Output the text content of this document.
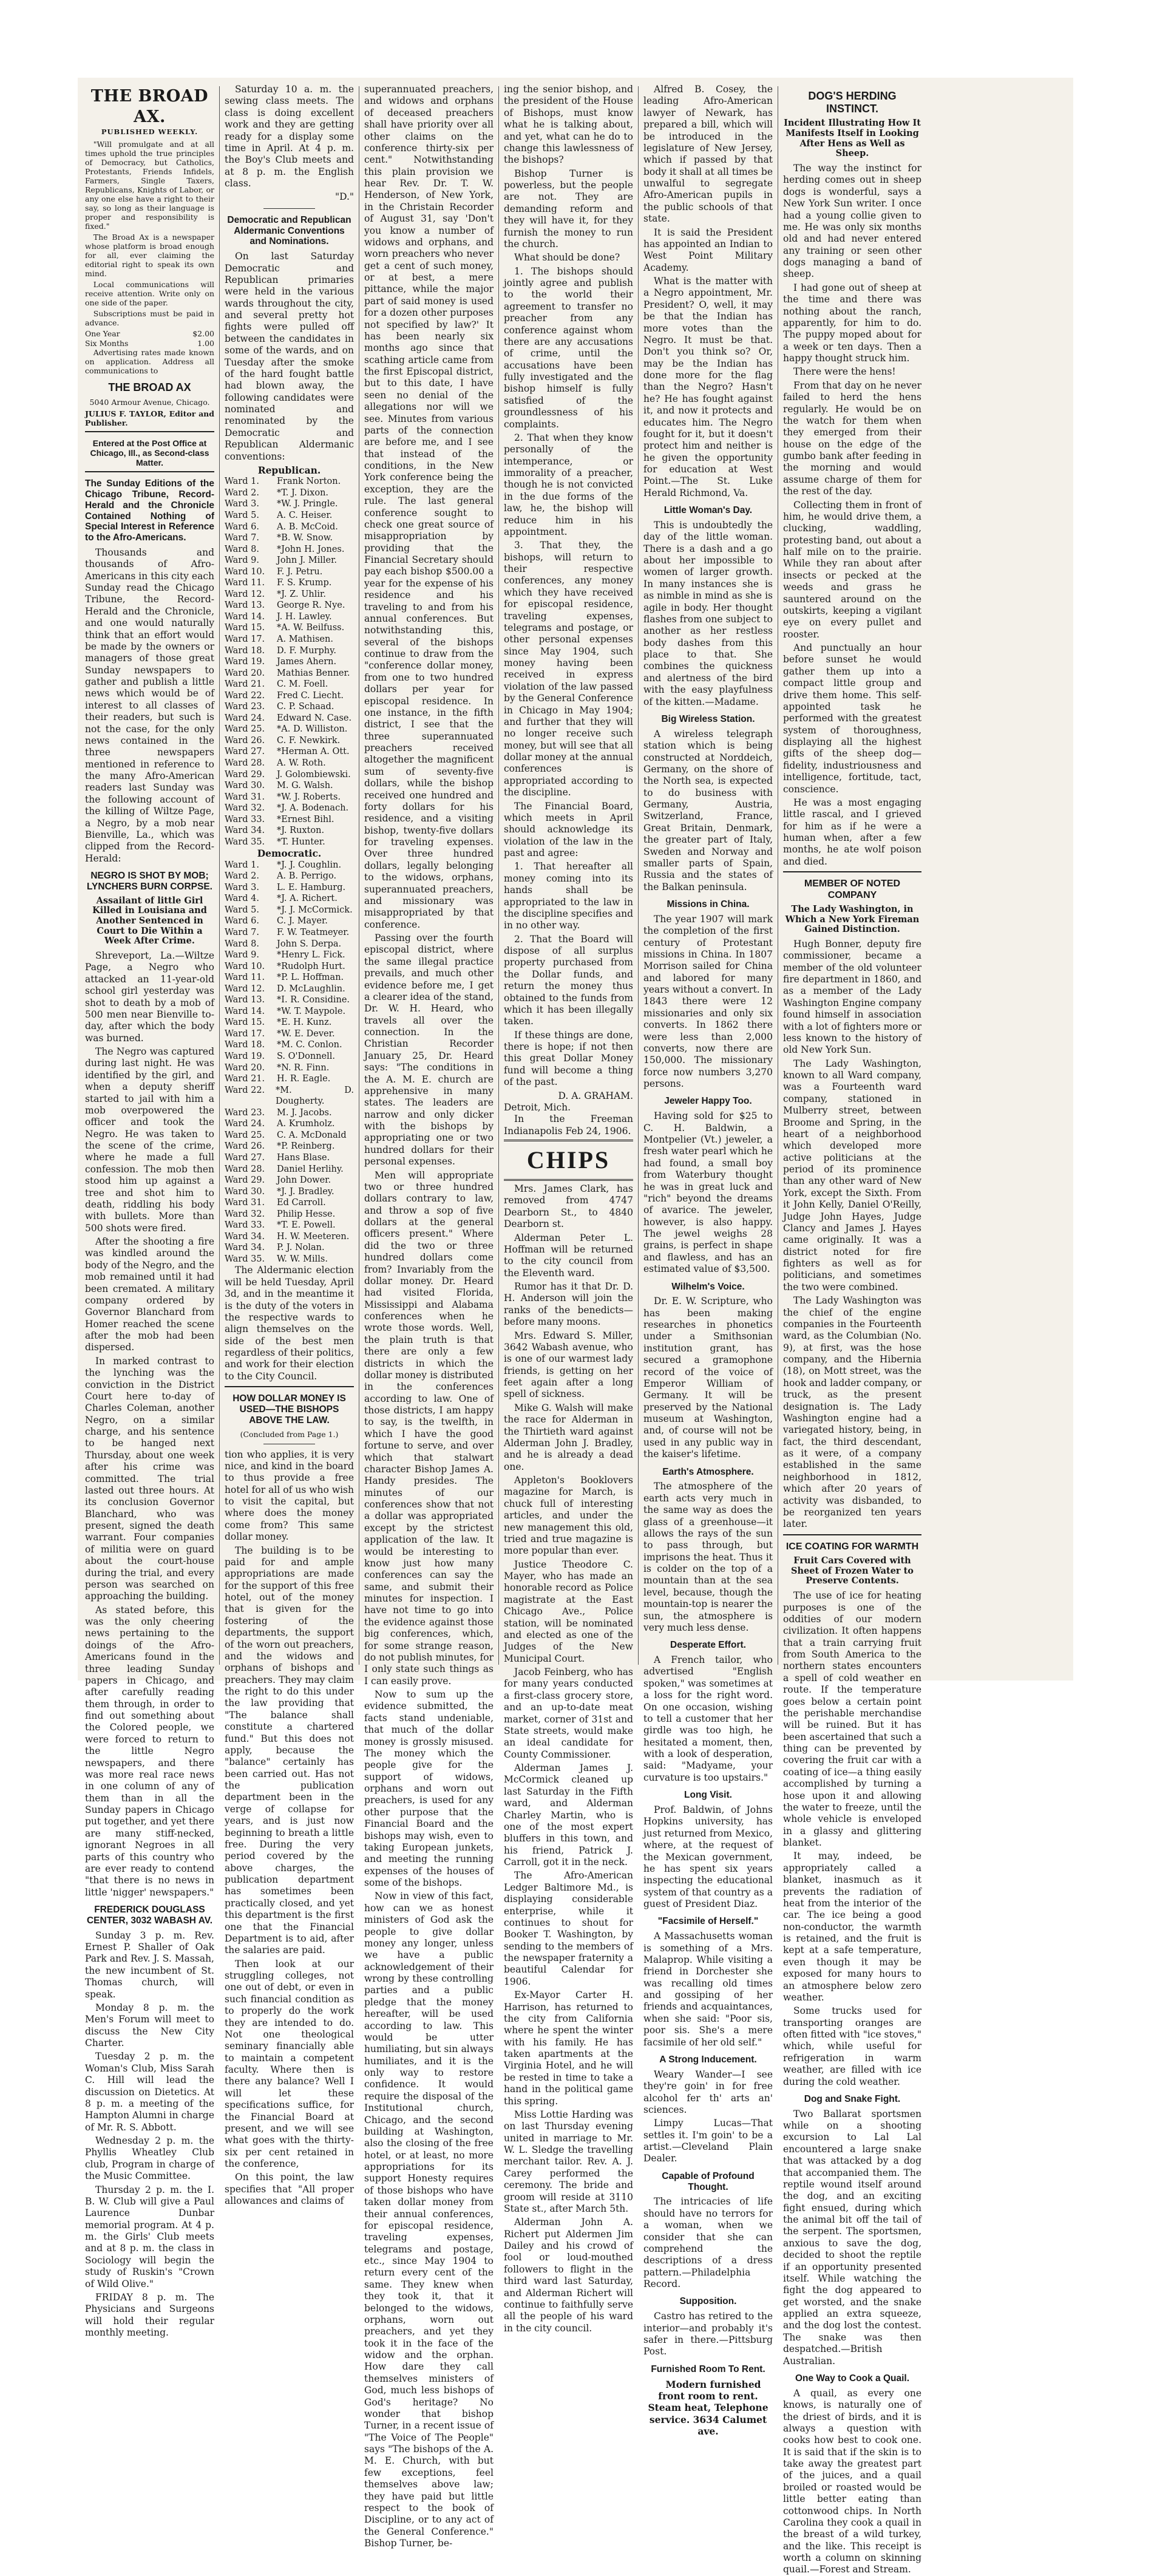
THE BROAD AX.
PUBLISHED WEEKLY.

"Will promulgate and at all times uphold the true principles of Democracy, but Catholics, Protestants, Friends Infidels, Farmers, Single Taxers, Republicans, Knights of Labor, or any one else have a right to their say, so long as their language is proper and responsibility is fixed."

The Broad Ax is a newspaper whose platform is broad enough for all, ever claiming the editorial right to speak its own mind.

Local communications will receive attention. Write only on one side of the paper.

Subscriptions must be paid in advance.

One Year	$2.00
Six Months	1.00

Advertising rates made known on application. Address all communications to

THE BROAD AX
5040 Armour Avenue, Chicago.
JULIUS F. TAYLOR, Editor and Publisher.
Entered at the Post Office at Chicago, Ill., as Second-class Matter.
The Sunday Editions of the Chicago Tribune, Record-Herald and the Chronicle Contained Nothing of Special Interest in Reference to the Afro-Americans.

Thousands and thousands of Afro-Americans in this city each Sunday read the Chicago Tribune, the Record-Herald and the Chronicle, and one would naturally think that an effort would be made by the owners or managers of those great Sunday newspapers to gather and publish a little news which would be of interest to all classes of their readers, but such is not the case, for the only news contained in the three newspapers mentioned in reference to the many Afro-American readers last Sunday was the following account of the killing of Wiltze Page, a Negro, by a mob near Bienville, La., which was clipped from the Record-Herald:

NEGRO IS SHOT BY MOB; LYNCHERS BURN CORPSE.
Assailant of little Girl Killed in Louisiana and Another Sentenced in Court to Die Within a Week After Crime.

Shreveport, La.—Wiltze Page, a Negro who attacked an 11-year-old school girl yesterday was shot to death by a mob of 500 men near Bienville to-day, after which the body was burned.

The Negro was captured during last night. He was identified by the girl, and when a deputy sheriff started to jail with him a mob overpowered the officer and took the Negro. He was taken to the scene of the crime, where he made a full confession. The mob then stood him up against a tree and shot him to death, riddling his body with bullets. More than 500 shots were fired.

After the shooting a fire was kindled around the body of the Negro, and the mob remained until it had been cremated. A military company ordered by Governor Blanchard from Homer reached the scene after the mob had been dispersed.

In marked contrast to the lynching was the conviction in the District Court here to-day of Charles Coleman, another Negro, on a similar charge, and his sentence to be hanged next Thursday, about one week after his crime was committed. The trial lasted out three hours. At its conclusion Governor Blanchard, who was present, signed the death warrant. Four companies of militia were on guard about the court-house during the trial, and every person was searched on approaching the building.

As stated before, this was the only cheering news pertaining to the doings of the Afro-Americans found in the three leading Sunday papers in Chicago, and after carefully reading them through, in order to find out something about the Colored people, we were forced to return to the little Negro newspapers, and there was more real race news in one column of any of them than in all the Sunday papers in Chicago put together, and yet there are many stiff-necked, ignorant Negroes in all parts of this country who are ever ready to contend "that there is no news in little 'nigger' newspapers."

FREDERICK DOUGLASS CENTER, 3032 WABASH AV.

Sunday 3 p. m. Rev. Ernest P. Shaller of Oak Park and Rev. J. S. Massah, the new incumbent of St. Thomas church, will speak.

Monday 8 p. m. the Men's Forum will meet to discuss the New City Charter.

Tuesday 2 p. m. the Woman's Club, Miss Sarah C. Hill will lead the discussion on Dietetics. At 8 p. m. a meeting of the Hampton Alumni in charge of Mr. R. S. Abbott.

Wednesday 2 p. m. the Phyllis Wheatley Club club, Program in charge of the Music Committee.

Thursday 2 p. m. the I. B. W. Club will give a Paul Laurence Dunbar memorial program. At 4 p. m. the Girls' Club meets and at 8 p. m. the class in Sociology will begin the study of Ruskin's "Crown of Wild Olive."

FRIDAY 8 p. m. The Physicians and Surgeons will hold their regular monthly meeting.

Saturday 10 a. m. the sewing class meets. The class is doing excellent work and they are getting ready for a display some time in April. At 4 p. m. the Boy's Club meets and at 8 p. m. the English class.

"D."
Democratic and Republican Aldermanic Conventions and Nominations.

On last Saturday Democratic and Republican primaries were held in the various wards throughout the city, and several pretty hot fights were pulled off between the candidates in some of the wards, and on Tuesday after the smoke of the hard fought battle had blown away, the following candidates were nominated and renominated by the Democratic and Republican Aldermanic conventions:

Republican.
Ward 1.	Frank Norton.
Ward 2.	*T. J. Dixon.
Ward 3.	*W. J. Pringle.
Ward 5.	A. C. Heiser.
Ward 6.	A. B. McCoid.
Ward 7.	*B. W. Snow.
Ward 8.	*John H. Jones.
Ward 9.	John J. Miller.
Ward 10.	F. J. Petru.
Ward 11.	F. S. Krump.
Ward 12.	*J. Z. Uhlir.
Ward 13.	George R. Nye.
Ward 14.	J. H. Lawley.
Ward 15.	*A. W. Beilfuss.
Ward 17.	A. Mathisen.
Ward 18.	D. F. Murphy.
Ward 19.	James Ahern.
Ward 20.	Mathias Benner.
Ward 21.	C. M. Foell.
Ward 22.	Fred C. Liecht.
Ward 23.	C. P. Schaad.
Ward 24.	Edward N. Case.
Ward 25.	*A. D. Williston.
Ward 26.	C. F. Newkirk.
Ward 27.	*Herman A. Ott.
Ward 28.	A. W. Roth.
Ward 29.	J. Golombiewski.
Ward 30.	M. G. Walsh.
Ward 31.	*W. J. Roberts.
Ward 32.	*J. A. Bodenach.
Ward 33.	*Ernest Bihl.
Ward 34.	*J. Ruxton.
Ward 35.	*T. Hunter.
Democratic.
Ward 1.	*J. J. Coughlin.
Ward 2.	A. B. Perrigo.
Ward 3.	L. E. Hamburg.
Ward 4.	*J. A. Richert.
Ward 5.	*J. J. McCormick.
Ward 6.	C. J. Mayer.
Ward 7.	F. W. Teatmeyer.
Ward 8.	John S. Derpa.
Ward 9.	*Henry L. Fick.
Ward 10.	*Rudolph Hurt.
Ward 11.	*P. L. Hoffman.
Ward 12.	D. McLaughlin.
Ward 13.	*I. R. Considine.
Ward 14.	*W. T. Maypole.
Ward 15.	*E. H. Kunz.
Ward 17.	*W. E. Dever.
Ward 18.	*M. C. Conlon.
Ward 19.	S. O'Donnell.
Ward 20.	*N. R. Finn.
Ward 21.	H. R. Eagle.
Ward 22.	*M. D. Dougherty.
Ward 23.	M. J. Jacobs.
Ward 24.	A. Krumholz.
Ward 25.	C. A. McDonald
Ward 26.	*P. Reinberg.
Ward 27.	Hans Blase.
Ward 28.	Daniel Herlihy.
Ward 29.	John Dower.
Ward 30.	*J. J. Bradley.
Ward 31.	Ed Carroll.
Ward 32.	Philip Hesse.
Ward 33.	*T. E. Powell.
Ward 34.	H. W. Meeteren.
Ward 34.	P. J. Nolan.
Ward 35.	W. W. Mills.

The Aldermanic election will be held Tuesday, April 3d, and in the meantime it is the duty of the voters in the respective wards to align themselves on the side of the best men regardless of their politics, and work for their election to the City Council.

HOW DOLLAR MONEY IS USED—THE BISHOPS ABOVE THE LAW.
(Concluded from Page 1.)

tion who applies, it is very nice, and kind in the board to thus provide a free hotel for all of us who wish to visit the capital, but where does the money come from? This same dollar money.

The building is to be paid for and ample appropriations are made for the support of this free hotel, out of the money that is given for the fostering of the departments, the support of the worn out preachers, and the widows and orphans of bishops and preachers. They may claim the right to do this under the law providing that "The balance shall constitute a chartered fund." But this does not apply, because the "balance" certainly has been carried out. Has not the publication department been in the verge of collapse for years, and is just now beginning to breath a little free. During the very period covered by the above charges, the publication department has sometimes been practically closed, and yet this department is the first one that the Financial Department is to aid, after the salaries are paid.

Then look at our struggling colleges, not one out of debt, or even in such financial condition as to properly do the work they are intended to do. Not one theological seminary financially able to maintain a competent faculty. Where then is there any balance? Well I will let these specifications suffice, for the Financial Board at present, and we will see what goes with the thirty-six per cent retained in the conference,

On this point, the law specifies that "All proper allowances and claims of

superannuated preachers, and widows and orphans of deceased preachers shall have priority over all other claims on the conference thirty-six per cent." Notwithstanding this plain provision we hear Rev. Dr. T. W. Henderson, of New York, in the Christain Recorder of August 31, say 'Don't you know a number of widows and orphans, and worn preachers who never get a cent of such money, or at best, a mere pittance, while the major part of said money is used for a dozen other purposes not specified by law?' It has been nearly six months ago since that scathing article came from the first Episcopal district, but to this date, I have seen no denial of the allegations nor will we see. Minutes from various parts of the connection are before me, and I see that instead of the conditions, in the New York conference being the exception, they are the rule. The last general conference sought to check one great source of misappropriation by providing that the Financial Secretary should pay each bishop $500.00 a year for the expense of his residence and his traveling to and from his annual conferences. But notwithstanding this, several of the bishops continue to draw from the "conference dollar money, from one to two hundred dollars per year for episcopal residence. In one instance, in the fifth district, I see that the three superannuated preachers received altogether the magnificent sum of seventy-five dollars, while the bishop received one hundred and forty dollars for his residence, and a visiting bishop, twenty-five dollars for traveling expenses. Over three hundred dollars, legally belonging to the widows, orphans, superannuated preachers, and missionary was misappropriated by that conference.

Passing over the fourth episcopal district, where the same illegal practice prevails, and much other evidence before me, I get a clearer idea of the stand, Dr. W. H. Heard, who travels all over the connection. In the Christian Recorder January 25, Dr. Heard says: "The conditions in the A. M. E. church are apprehensive in many states. The leaders are narrow and only dicker with the bishops by appropriating one or two hundred dollars for their personal expenses.

Men will appropriate two or three hundred dollars contrary to law, and throw a sop of five dollars at the general officers present." Where did the two or three hundred dollars come from? Invariably from the dollar money. Dr. Heard had visited Florida, Mississippi and Alabama conferences when he wrote those words. Well, the plain truth is that there are only a few districts in which the dollar money is distributed in the conferences according to law. One of those districts, I am happy to say, is the twelfth, in which I have the good fortune to serve, and over which that stalwart character Bishop James A. Handy presides. The minutes of our conferences show that not a dollar was appropriated except by the strictest application of the law. It would be interesting to know just how many conferences can say the same, and submit their minutes for inspection. I have not time to go into the evidence against those big conferences, which, for some strange reason, do not publish minutes, for I only state such things as I can easily prove.

Now to sum up the evidence submitted, the facts stand undeniable, that much of the dollar money is grossly misused. The money which the people give for the support of widows, orphans and worn out preachers, is used for any other purpose that the Financial Board and the bishops may wish, even to taking European junkets, and meeting the running expenses of the houses of some of the bishops.

Now in view of this fact, how can we as honest ministers of God ask the people to give dollar money any longer, unless we have a public acknowledgement of their wrong by these controlling parties and a public pledge that the money hereafter, will be used according to law. This would be utter humiliating, but sin always humiliates, and it is the only way to restore confidence. It would require the disposal of the Institutional church, Chicago, and the second building at Washington, also the closing of the free hotel, or at least, no more appropriations for its support Honesty requires of those bishops who have taken dollar money from their annual conferences, for episcopal residence, traveling expenses, telegrams and postage, etc., since May 1904 to return every cent of the same. They knew when they took it, that it belonged to the widows, orphans, worn out preachers, and yet they took it in the face of the widow and the orphan. How dare they call themselves ministers of God, much less bishops of God's heritage? No wonder that bishop Turner, in a recent issue of "The Voice of The People" says "The bishops of the A. M. E. Church, with but few exceptions, feel themselves above law; they have paid but little respect to the book of Discipline, or to any act of the General Conference." Bishop Turner, be-

ing the senior bishop, and the president of the House of Bishops, must know what he is talking about, and yet, what can he do to change this lawlessness of the bishops?

Bishop Turner is powerless, but the people are not. They are demanding reform and they will have it, for they furnish the money to run the church.

What should be done?

1. The bishops should jointly agree and publish to the world their agreement to transfer no preacher from any conference against whom there are any accusations of crime, until the accusations have been fully investigated and the bishop himself is fully satisfied of the groundlessness of his complaints.

2. That when they know personally of the intemperance, or immorality of a preacher, though he is not convicted in the due forms of the law, he, the bishop will reduce him in his appointment.

3. That they, the bishops, will return to their respective conferences, any money which they have received for episcopal residence, traveling expenses, telegrams and postage, or other personal expenses since May 1904, such money having been received in express violation of the law passed by the General Conference in Chicago in May 1904; and further that they will no longer receive such money, but will see that all dollar money at the annual conferences is appropriated according to the discipline.

The Financial Board, which meets in April should acknowledge its violation of the law in the past and agree:

1. That hereafter all money coming into its hands shall be appropriated to the law in the discipline specifies and in no other way.

2. That the Board will dispose of all surplus property purchased from the Dollar funds, and return the money thus obtained to the funds from which it has been illegally taken.

If these things are done, there is hope; if not then this great Dollar Money fund will become a thing of the past.

D. A. GRAHAM.
Detroit, Mich.

In the Freeman Indianapolis Feb 24, 1906.

CHIPS

Mrs. James Clark, has removed from 4747 Dearborn St., to 4840 Dearborn st.

Alderman Peter L. Hoffman will be returned to the city council from the Eleventh ward.

Rumor has it that Dr. D. H. Anderson will join the ranks of the benedicts—before many moons.

Mrs. Edward S. Miller, 3642 Wabash avenue, who is one of our warmest lady friends, is getting on her feet again after a long spell of sickness.

Mike G. Walsh will make the race for Alderman in the Thirtieth ward against Alderman John J. Bradley, and he is already a dead one.

Appleton's Booklovers magazine for March, is chuck full of interesting articles, and under the new management this old, tried and true magazine is more popular than ever.

Justice Theodore C. Mayer, who has made an honorable record as Police magistrate at the East Chicago Ave., Police station, will be nominated and elected as one of the Judges of the New Municipal Court.

Jacob Feinberg, who has for many years conducted a first-class grocery store, and an up-to-date meat market, corner of 31st and State streets, would make an ideal candidate for County Commissioner.

Alderman James J. McCormick cleaned up last Saturday in the Fifth ward, and Alderman Charley Martin, who is one of the most expert bluffers in this town, and his friend, Patrick J. Carroll, got it in the neck.

The Afro-American Ledger Baltimore Md., is displaying considerable enterprise, while it continues to shout for Booker T. Washington, by sending to the members of the newspaper fraternity a beautiful Calendar for 1906.

Ex-Mayor Carter H. Harrison, has returned to the city from California where he spent the winter with his family. He has taken apartments at the Virginia Hotel, and he will be rested in time to take a hand in the political game this spring.

Miss Lottie Harding was on last Thursday evening united in marriage to Mr. W. L. Sledge the travelling merchant tailor. Rev. A. J. Carey performed the ceremony. The bride and groom will reside at 3110 State st., after March 5th.

Alderman John A. Richert put Aldermen Jim Dailey and his crowd of fool or loud-mouthed followers to flight in the third ward last Saturday, and Alderman Richert will continue to faithfully serve all the people of his ward in the city council.

Alfred B. Cosey, the leading Afro-American lawyer of Newark, has prepared a bill, which will be introduced in the legislature of New Jersey, which if passed by that body it shall at all times be unwalful to segregate Afro-American pupils in the public schools of that state.

It is said the President has appointed an Indian to West Point Military Academy.

What is the matter with a Negro appointment, Mr. President? O, well, it may be that the Indian has more votes than the Negro. It must be that. Don't you think so? Or, may be the Indian has done more for the flag than the Negro? Hasn't he? He has fought against it, and now it protects and educates him. The Negro fought for it, but it doesn't protect him and neither is he given the opportunity for education at West Point.—The St. Luke Herald Richmond, Va.

Little Woman's Day.

This is undoubtedly the day of the little woman. There is a dash and a go about her impossible to women of larger growth. In many instances she is as nimble in mind as she is agile in body. Her thought flashes from one subject to another as her restless body dashes from this place to that. She combines the quickness and alertness of the bird with the easy playfulness of the kitten.—Madame.

Big Wireless Station.

A wireless telegraph station which is being constructed at Norddeich, Germany, on the shore of the North sea, is expected to do business with Germany, Austria, Switzerland, France, Great Britain, Denmark, the greater part of Italy, Sweden and Norway and smaller parts of Spain, Russia and the states of the Balkan peninsula.

Missions in China.

The year 1907 will mark the completion of the first century of Protestant missions in China. In 1807 Morrison sailed for China and labored for many years without a convert. In 1843 there were 12 missionaries and only six converts. In 1862 there were less than 2,000 converts, now there are 150,000. The missionary force now numbers 3,270 persons.

Jeweler Happy Too.

Having sold for $25 to C. H. Baldwin, a Montpelier (Vt.) jeweler, a fresh water pearl which he had found, a small boy from Waterbury thought he was in great luck and "rich" beyond the dreams of avarice. The jeweler, however, is also happy. The jewel weighs 28 grains, is perfect in shape and flawless, and has an estimated value of $3,500.

Wilhelm's Voice.

Dr. E. W. Scripture, who has been making researches in phonetics under a Smithsonian institution grant, has secured a gramophone record of the voice of Emperor William of Germany. It will be preserved by the National museum at Washington, and, of course will not be used in any public way in the kaiser's lifetime.

Earth's Atmosphere.

The atmosphere of the earth acts very much in the same way as does the glass of a greenhouse—it allows the rays of the sun to pass through, but imprisons the heat. Thus it is colder on the top of a mountain than at the sea level, because, though the mountain-top is nearer the sun, the atmosphere is very much less dense.

Desperate Effort.

A French tailor, who advertised "English spoken," was sometimes at a loss for the right word. On one occasion, wishing to tell a customer that her girdle was too high, he hesitated a moment, then, with a look of desperation, said: "Madyame, your curvature is too upstairs."

Long Visit.

Prof. Baldwin, of Johns Hopkins university, has just returned from Mexico, where, at the request of the Mexican government, he has spent six years inspecting the educational system of that country as a guest of President Diaz.

"Facsimile of Herself."

A Massachusetts woman is something of a Mrs. Malaprop. While visiting a friend in Dorchester she was recalling old times and gossiping of her friends and acquaintances, when she said: "Poor sis, poor sis. She's a mere facsimile of her old self."

A Strong Inducement.

Weary Wander—I see they're goin' in for free alcohol fer th' arts an' sciences.

Limpy Lucas—That settles it. I'm goin' to be a artist.—Cleveland Plain Dealer.

Capable of Profound Thought.

The intricacies of life should have no terrors for a woman, when we consider that she can comprehend the descriptions of a dress pattern.—Philadelphia Record.

Supposition.

Castro has retired to the interior—and probably it's safer in there.—Pittsburg Post.

Furnished Room To Rent.

Modern furnished front room to rent. Steam heat, Telephone service. 3634 Calumet ave.

DOG'S HERDING INSTINCT.
Incident Illustrating How It Manifests Itself in Looking After Hens as Well as Sheep.

The way the instinct for herding comes out in sheep dogs is wonderful, says a New York Sun writer. I once had a young collie given to me. He was only six months old and had never entered any training or seen other dogs managing a band of sheep.

I had gone out of sheep at the time and there was nothing about the ranch, apparently, for him to do. The puppy moped about for a week or ten days. Then a happy thought struck him.

There were the hens!

From that day on he never failed to herd the hens regularly. He would be on the watch for them when they emerged from their house on the edge of the gumbo bank after feeding in the morning and would assume charge of them for the rest of the day.

Collecting them in front of him, he would drive them, a clucking, waddling, protesting band, out about a half mile on to the prairie. While they ran about after insects or pecked at the weeds and grass he sauntered around on the outskirts, keeping a vigilant eye on every pullet and rooster.

And punctually an hour before sunset he would gather them up into a compact little group and drive them home. This self-appointed task he performed with the greatest system of thoroughness, displaying all the highest gifts of the sheep dog—fidelity, industriousness and intelligence, fortitude, tact, conscience.

He was a most engaging little rascal, and I grieved for him as if he were a human when, after a few months, he ate wolf poison and died.

MEMBER OF NOTED COMPANY
The Lady Washington, in Which a New York Fireman Gained Distinction.

Hugh Bonner, deputy fire commissioner, became a member of the old volunteer fire department in 1860, and as a member of the Lady Washington Engine company found himself in association with a lot of fighters more or less known to the history of old New York Sun.

The Lady Washington, known to all Ward company, was a Fourteenth ward company, stationed in Mulberry street, between Broome and Spring, in the heart of a neighborhood which developed more active politicians at the period of its prominence than any other ward of New York, except the Sixth. From it John Kelly, Daniel O'Reilly, Judge John Hayes, Judge Clancy and James J. Hayes came originally. It was a district noted for fire fighters as well as for politicians, and sometimes the two were combined.

The Lady Washington was the chief of the engine companies in the Fourteenth ward, as the Columbian (No. 9), at first, was the hose company, and the Hibernia (18), on Mott street, was the hook and ladder company, or truck, as the present designation is. The Lady Washington engine had a variegated history, being, in fact, the third descendant, as it were, of a company established in the same neighborhood in 1812, which after 20 years of activity was disbanded, to be reorganized ten years later.

ICE COATING FOR WARMTH
Fruit Cars Covered with Sheet of Frozen Water to Preserve Contents.

The use of ice for heating purposes is one of the oddities of our modern civilization. It often happens that a train carrying fruit from South America to the northern states encounters a spell of cold weather en route. If the temperature goes below a certain point the perishable merchandise will be ruined. But it has been ascertained that such a thing can be prevented by covering the fruit car with a coating of ice—a thing easily accomplished by turning a hose upon it and allowing the water to freeze, until the whole vehicle is enveloped in a glassy and glittering blanket.

It may, indeed, be appropriately called a blanket, inasmuch as it prevents the radiation of heat from the interior of the car. The ice being a good non-conductor, the warmth is retained, and the fruit is kept at a safe temperature, even though it may be exposed for many hours to an atmosphere below zero weather.

Some trucks used for transporting oranges are often fitted with "ice stoves," which, while useful for refrigeration in warm weather, are filled with ice during the cold weather.

Dog and Snake Fight.

Two Ballarat sportsmen while on a shooting excursion to Lal Lal encountered a large snake that was attacked by a dog that accompanied them. The reptile wound itself around the dog, and an exciting fight ensued, during which the animal bit off the tail of the serpent. The sportsmen, anxious to save the dog, decided to shoot the reptile if an opportunity presented itself. While watching the fight the dog appeared to get worsted, and the snake applied an extra squeeze, and the dog lost the contest. The snake was then despatched.—British Australian.

One Way to Cook a Quail.

A quail, as every one knows, is naturally one of the driest of birds, and it is always a question with cooks how best to cook one. It is said that if the skin is to take away the greatest part of the juices, and a quail broiled or roasted would be little better eating than cottonwood chips. In North Carolina they cook a quail in the breast of a wild turkey, and the like. This receipt is worth a column on skinning quail.—Forest and Stream.
